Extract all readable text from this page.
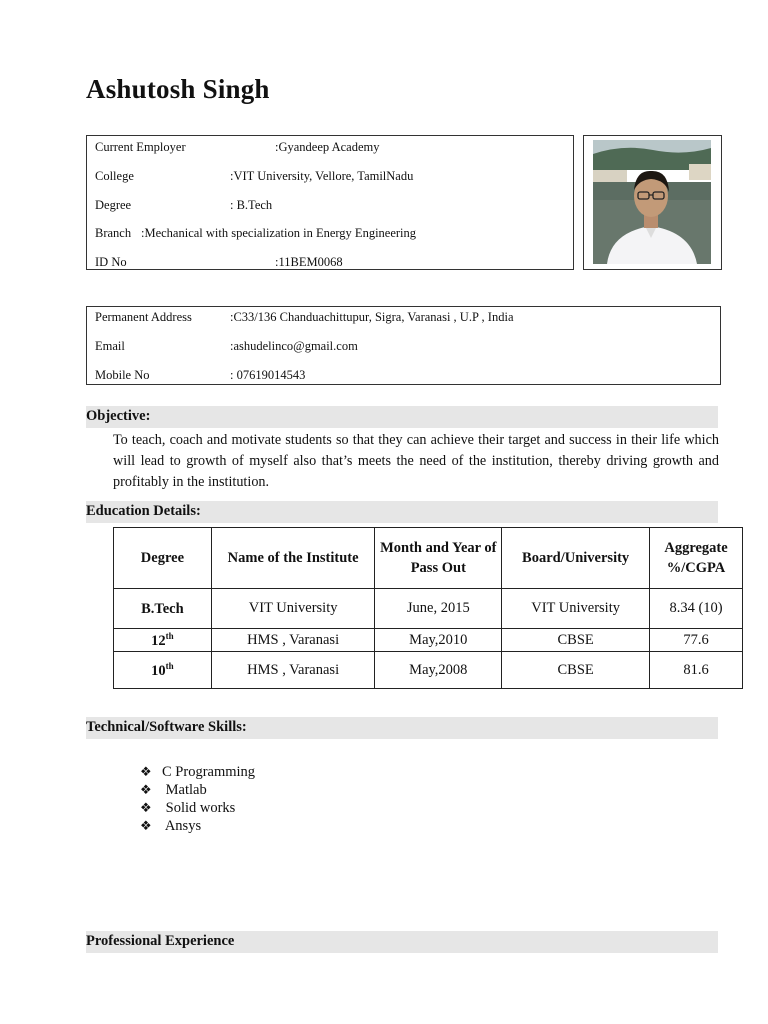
Ashutosh Singh
Current Employer	:Gyandeep Academy
College	:VIT University, Vellore, TamilNadu
Degree	: B.Tech
Branch :Mechanical with specialization in Energy Engineering
ID No	:11BEM0068
Permanent Address	:C33/136 Chanduachittupur, Sigra, Varanasi , U.P , India
Email	:ashudelinco@gmail.com
Mobile No	: 07619014543
Objective:
To teach, coach and motivate students so that they can achieve their target and success in their life which will lead to growth of myself also that’s meets the need of the institution, thereby driving growth and profitably in the institution.
Education Details:
Degree	Name of the Institute	Month and Year of Pass Out	Board/University	Aggregate %/CGPA
B.Tech	VIT University	June, 2015	VIT University	8.34 (10)
12th	HMS , Varanasi	May,2010	CBSE	77.6
10th	HMS , Varanasi	May,2008	CBSE	81.6
Technical/Software Skills:
❖ C Programming
❖ Matlab
❖ Solid works
❖ Ansys
Professional Experience
